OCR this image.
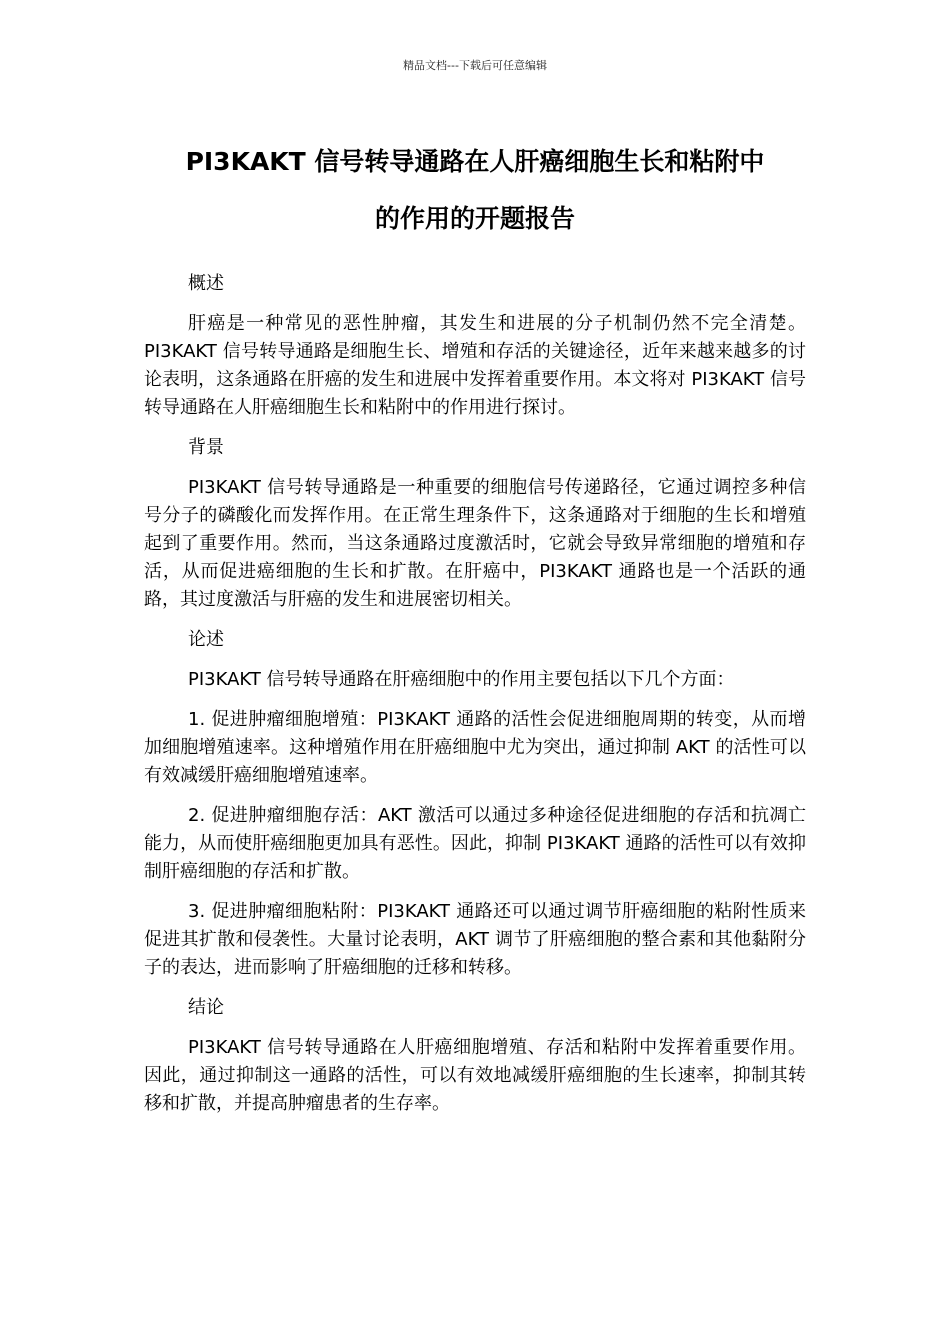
精品文档---下载后可任意编辑
PI3KAKT 信号转导通路在人肝癌细胞生长和粘附中
的作用的开题报告

概述

肝癌是一种常见的恶性肿瘤，其发生和进展的分子机制仍然不完全清楚。PI3KAKT 信号转导通路是细胞生长、增殖和存活的关键途径，近年来越来越多的讨论表明，这条通路在肝癌的发生和进展中发挥着重要作用。本文将对 PI3KAKT 信号转导通路在人肝癌细胞生长和粘附中的作用进行探讨。

背景

PI3KAKT 信号转导通路是一种重要的细胞信号传递路径，它通过调控多种信号分子的磷酸化而发挥作用。在正常生理条件下，这条通路对于细胞的生长和增殖起到了重要作用。然而，当这条通路过度激活时，它就会导致异常细胞的增殖和存活，从而促进癌细胞的生长和扩散。在肝癌中，PI3KAKT 通路也是一个活跃的通路，其过度激活与肝癌的发生和进展密切相关。

论述

PI3KAKT 信号转导通路在肝癌细胞中的作用主要包括以下几个方面：

1. 促进肿瘤细胞增殖：PI3KAKT 通路的活性会促进细胞周期的转变，从而增加细胞增殖速率。这种增殖作用在肝癌细胞中尤为突出，通过抑制 AKT 的活性可以有效减缓肝癌细胞增殖速率。

2. 促进肿瘤细胞存活：AKT 激活可以通过多种途径促进细胞的存活和抗凋亡能力，从而使肝癌细胞更加具有恶性。因此，抑制 PI3KAKT 通路的活性可以有效抑制肝癌细胞的存活和扩散。

3. 促进肿瘤细胞粘附：PI3KAKT 通路还可以通过调节肝癌细胞的粘附性质来促进其扩散和侵袭性。大量讨论表明，AKT 调节了肝癌细胞的整合素和其他黏附分子的表达，进而影响了肝癌细胞的迁移和转移。

结论

PI3KAKT 信号转导通路在人肝癌细胞增殖、存活和粘附中发挥着重要作用。因此，通过抑制这一通路的活性，可以有效地减缓肝癌细胞的生长速率，抑制其转移和扩散，并提高肿瘤患者的生存率。
